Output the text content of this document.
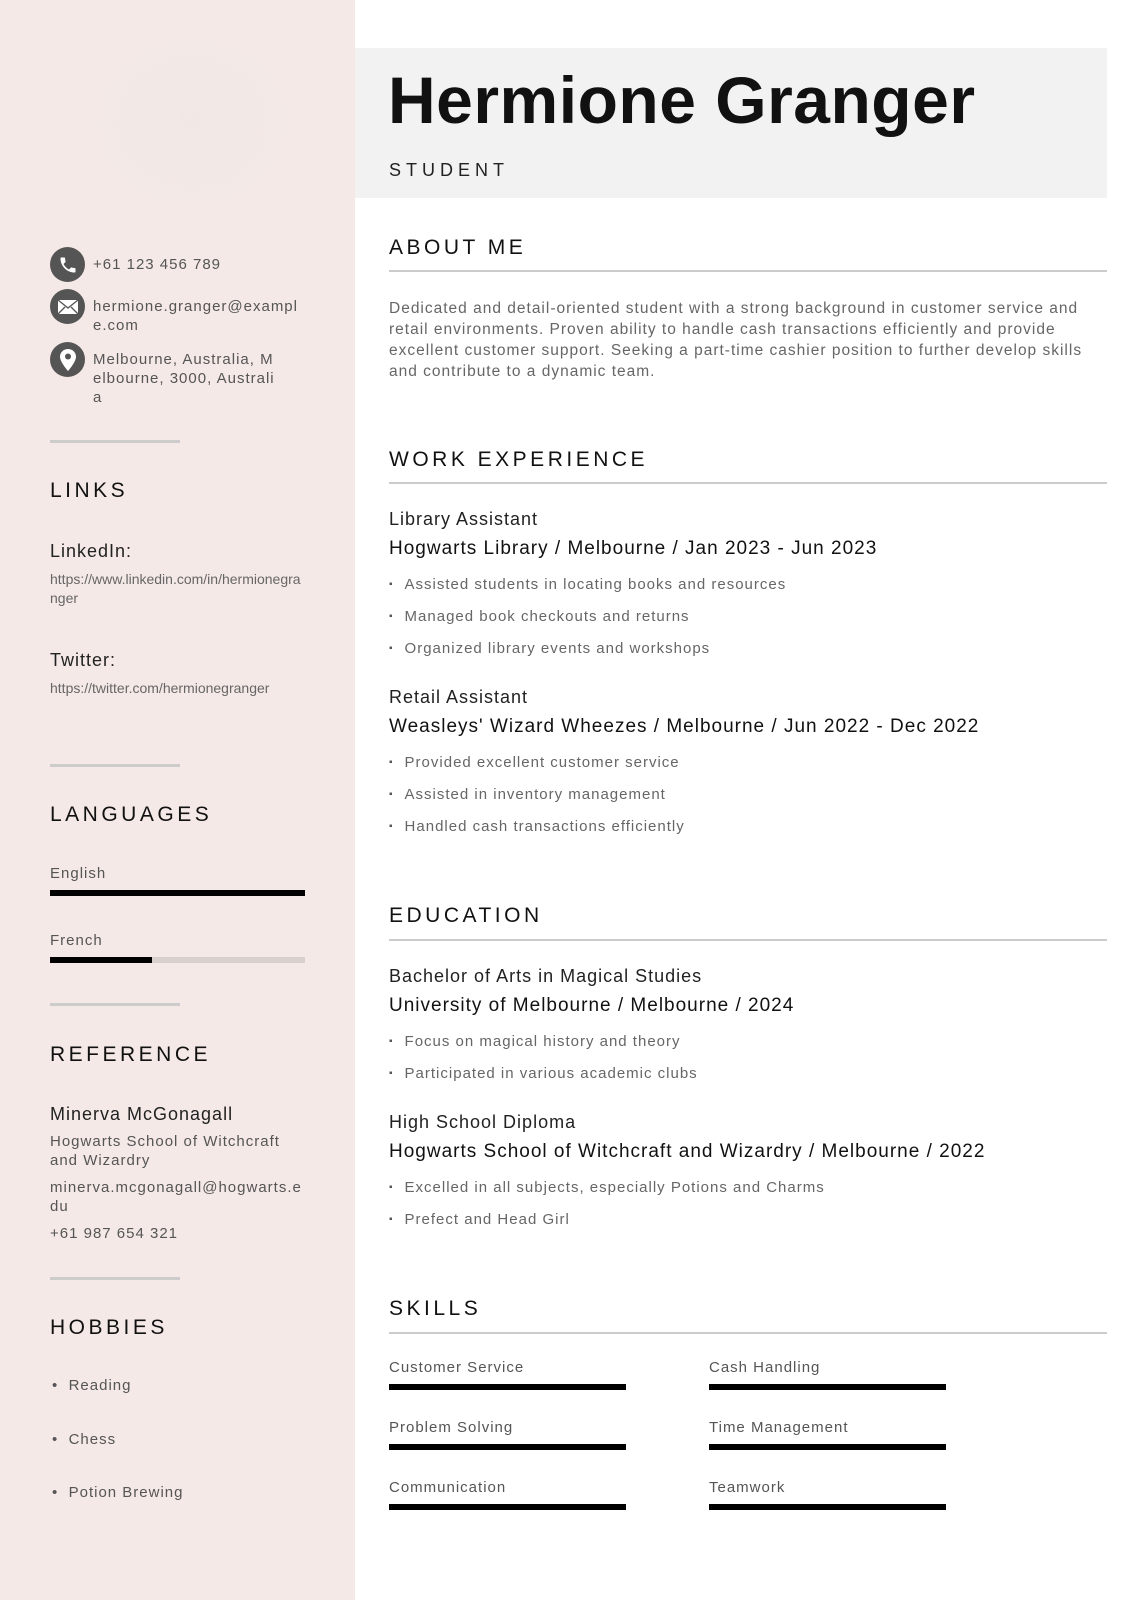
+61 123 456 789
hermione.granger@example.com
Melbourne, Australia, Melbourne, 3000, Australia
LINKS
LinkedIn:
https://www.linkedin.com/in/hermionegranger
Twitter:
https://twitter.com/hermionegranger
LANGUAGES
English
French
REFERENCE
Minerva McGonagall
Hogwarts School of Witchcraft and Wizardry
minerva.mcgonagall@hogwarts.edu
+61 987 654 321
HOBBIES
•  Reading
•  Chess
•  Potion Brewing
Hermione Granger
STUDENT
ABOUT ME
Dedicated and detail-oriented student with a strong background in customer service and retail environments. Proven ability to handle cash transactions efficiently and provide excellent customer support. Seeking a part-time cashier position to further develop skills and contribute to a dynamic team.
WORK EXPERIENCE
Library Assistant
Hogwarts Library / Melbourne / Jan 2023 - Jun 2023
▪ Assisted students in locating books and resources
▪ Managed book checkouts and returns
▪ Organized library events and workshops
Retail Assistant
Weasleys' Wizard Wheezes / Melbourne / Jun 2022 - Dec 2022
▪ Provided excellent customer service
▪ Assisted in inventory management
▪ Handled cash transactions efficiently
EDUCATION
Bachelor of Arts in Magical Studies
University of Melbourne / Melbourne / 2024
▪ Focus on magical history and theory
▪ Participated in various academic clubs
High School Diploma
Hogwarts School of Witchcraft and Wizardry / Melbourne / 2022
▪ Excelled in all subjects, especially Potions and Charms
▪ Prefect and Head Girl
SKILLS
Customer Service	Cash Handling
Problem Solving	Time Management
Communication	Teamwork
